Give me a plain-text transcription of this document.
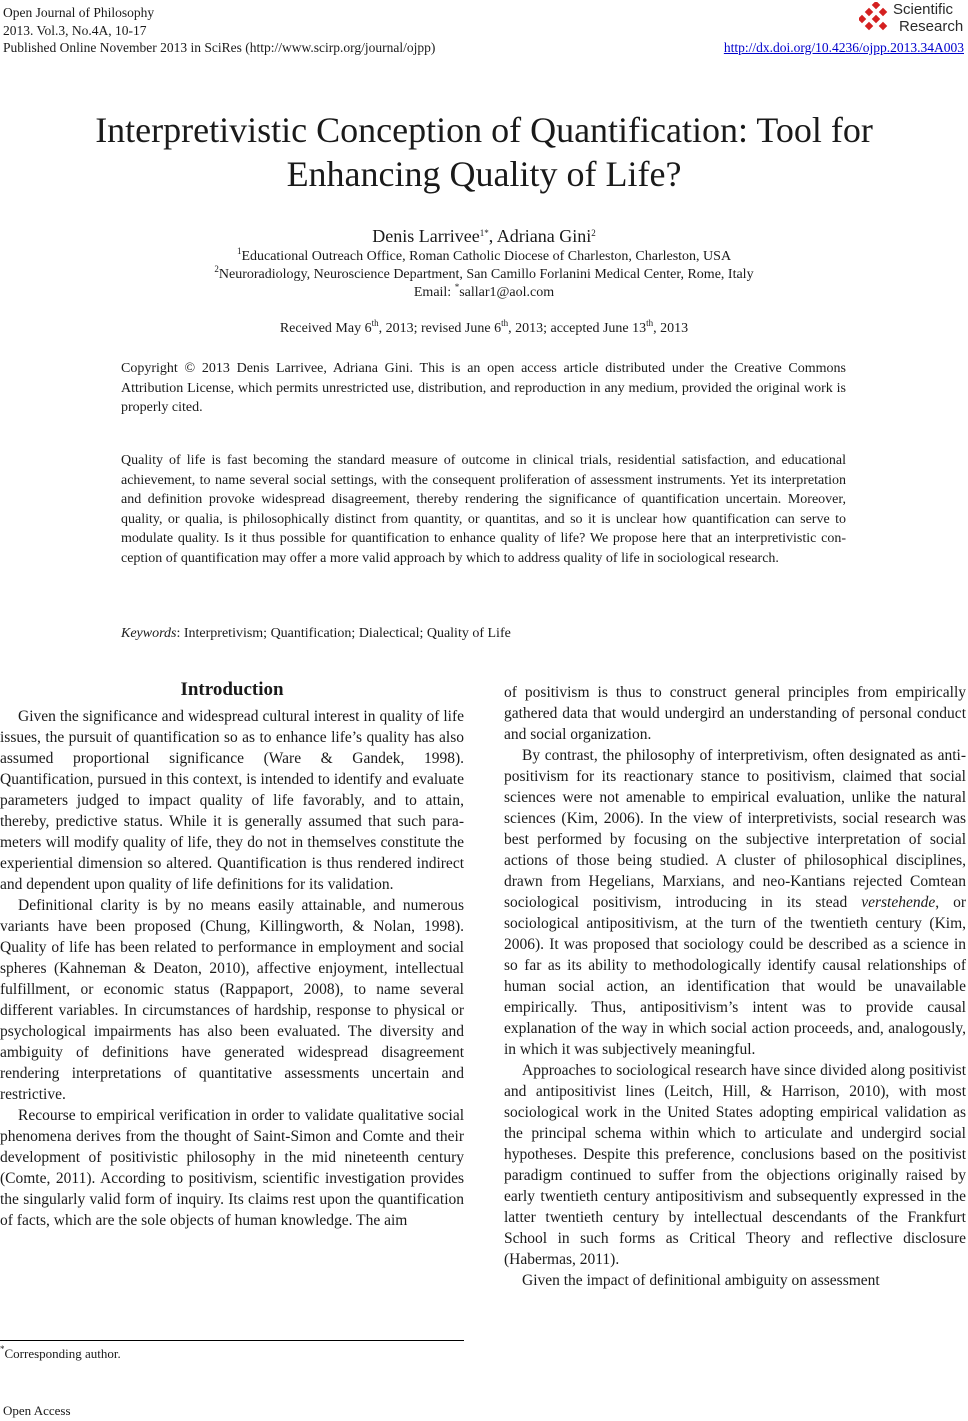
Open Journal of Philosophy
2013. Vol.3, No.4A, 10-17
Published Online November 2013 in SciRes (http://www.scirp.org/journal/ojpp)
Scientific
Research
http://dx.doi.org/10.4236/ojpp.2013.34A003
Interpretivistic Conception of Quantification: Tool for Enhancing Quality of Life?
Denis Larrivee$^{1*}$, Adriana Gini$^2$
$^1$Educational Outreach Office, Roman Catholic Diocese of Charleston, Charleston, USA
$^2$Neuroradiology, Neuroscience Department, San Camillo Forlanini Medical Center, Rome, Italy
Email: *sallar1@aol.com
Received May 6th, 2013; revised June 6th, 2013; accepted June 13th, 2013
Copyright © 2013 Denis Larrivee, Adriana Gini. This is an open access article distributed under the Creative Commons Attribution License, which permits unrestricted use, distribution, and reproduction in any medium, provided the original work is properly cited.
Quality of life is fast becoming the standard measure of outcome in clinical trials, residential satisfaction, and educational achievement, to name several social settings, with the consequent proliferation of assessment instruments. Yet its interpretation and definition provoke widespread disagreement, thereby rendering the significance of quantification uncertain. Moreover, quality, or qualia, is philosophically distinct from quantity, or quantitas, and so it is unclear how quantification can serve to modulate quality. Is it thus possible for quantification to enhance quality of life? We propose here that an interpretivistic conception of quantification may offer a more valid approach by which to address quality of life in sociological research.
Keywords: Interpretivism; Quantification; Dialectical; Quality of Life
Introduction

Given the significance and widespread cultural interest in quality of life issues, the pursuit of quantification so as to enhance life’s quality has also assumed proportional significance (Ware & Gandek, 1998). Quantification, pursued in this context, is intended to identify and evaluate parameters judged to impact quality of life favorably, and to attain, thereby, predictive status. While it is generally assumed that such parameters will modify quality of life, they do not in themselves constitute the experiential dimension so altered. Quantification is thus rendered indirect and dependent upon quality of life definitions for its validation.

Definitional clarity is by no means easily attainable, and numerous variants have been proposed (Chung, Killingworth, & Nolan, 1998). Quality of life has been related to performance in employment and social spheres (Kahneman & Deaton, 2010), affective enjoyment, intellectual fulfillment, or economic status (Rappaport, 2008), to name several different variables. In circumstances of hardship, response to physical or psychological impairments has also been evaluated. The diversity and ambiguity of definitions have generated widespread disagreement rendering interpretations of quantitative assessments uncertain and restrictive.

Recourse to empirical verification in order to validate qualitative social phenomena derives from the thought of Saint-Simon and Comte and their development of positivistic philosophy in the mid nineteenth century (Comte, 2011). According to positivism, scientific investigation provides the singularly valid form of inquiry. Its claims rest upon the quantification of facts, which are the sole objects of human knowledge. The aim

of positivism is thus to construct general principles from empirically gathered data that would undergird an understanding of personal conduct and social organization.

By contrast, the philosophy of interpretivism, often designated as anti-positivism for its reactionary stance to positivism, claimed that social sciences were not amenable to empirical evaluation, unlike the natural sciences (Kim, 2006). In the view of interpretivists, social research was best performed by focusing on the subjective interpretation of social actions of those being studied. A cluster of philosophical disciplines, drawn from Hegelians, Marxians, and neo-Kantians rejected Comtean sociological positivism, introducing in its stead verstehende, or sociological antipositivism, at the turn of the twentieth century (Kim, 2006). It was proposed that sociology could be described as a science in so far as its ability to methodologically identify causal relationships of human social action, an identification that would be unavailable empirically. Thus, antipositivism’s intent was to provide causal explanation of the way in which social action proceeds, and, analogously, in which it was subjectively meaningful.

Approaches to sociological research have since divided along positivist and antipositivist lines (Leitch, Hill, & Harrison, 2010), with most sociological work in the United States adopting empirical validation as the principal schema within which to articulate and undergird social hypotheses. Despite this preference, conclusions based on the positivist paradigm continued to suffer from the objections originally raised by early twentieth century antipositivism and subsequently expressed in the latter twentieth century by intellectual descendants of the Frankfurt School in such forms as Critical Theory and reflective disclosure (Habermas, 2011).

Given the impact of definitional ambiguity on assessment

*Corresponding author.
Open Access
